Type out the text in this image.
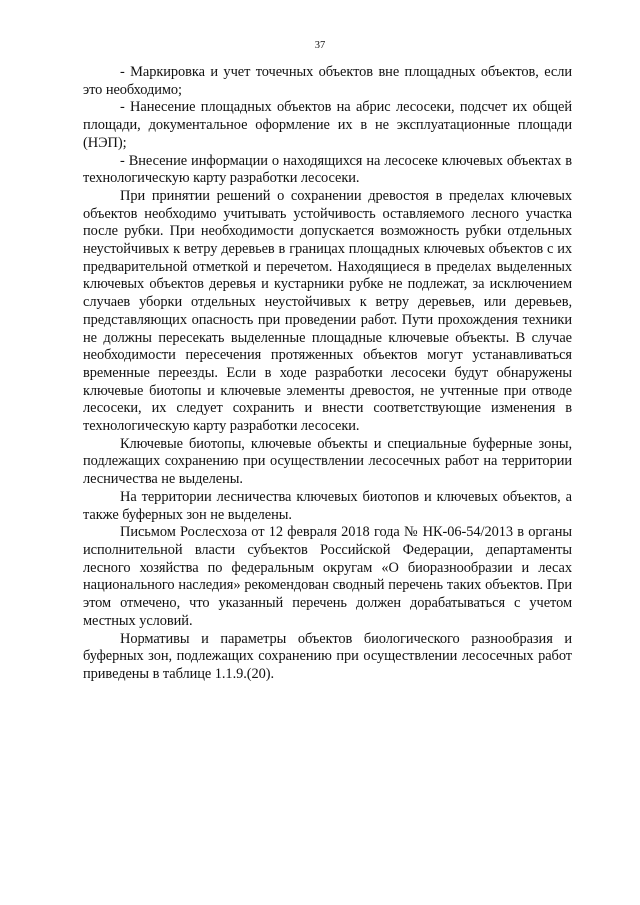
37

- Маркировка и учет точечных объектов вне площадных объектов, если это необходимо;

- Нанесение площадных объектов на абрис лесосеки, подсчет их общей площади, документальное оформление их в не эксплуатационные площади (НЭП);

- Внесение информации о находящихся на лесосеке ключевых объектах в технологическую карту разработки лесосеки.

При принятии решений о сохранении древостоя в пределах ключевых объектов необходимо учитывать устойчивость оставляемого лесного участка после рубки. При необходимости допускается возможность рубки отдельных неустойчивых к ветру деревьев в границах площадных ключевых объектов с их предварительной отметкой и перечетом. Находящиеся в пределах выделенных ключевых объектов деревья и кустарники рубке не подлежат, за исключением случаев уборки отдельных неустойчивых к ветру деревьев, или деревьев, представляющих опасность при проведении работ. Пути прохождения техники не должны пересекать выделенные площадные ключевые объекты. В случае необходимости пересечения протяженных объектов могут устанавливаться временные переезды. Если в ходе разработки лесосеки будут обнаружены ключевые биотопы и ключевые элементы древостоя, не учтенные при отводе лесосеки, их следует сохранить и внести соответствующие изменения в технологическую карту разработки лесосеки.

Ключевые биотопы, ключевые объекты и специальные буферные зоны, подлежащих сохранению при осуществлении лесосечных работ на территории лесничества не выделены.

На территории лесничества ключевых биотопов и ключевых объектов, а также буферных зон не выделены.

Письмом Рослесхоза от 12 февраля 2018 года № НК-06-54/2013 в органы исполнительной власти субъектов Российской Федерации, департаменты лесного хозяйства по федеральным округам «О биоразнообразии и лесах национального наследия» рекомендован сводный перечень таких объектов. При этом отмечено, что указанный перечень должен дорабатываться с учетом местных условий.

Нормативы и параметры объектов биологического разнообразия и буферных зон, подлежащих сохранению при осуществлении лесосечных работ приведены в таблице 1.1.9.(20).
